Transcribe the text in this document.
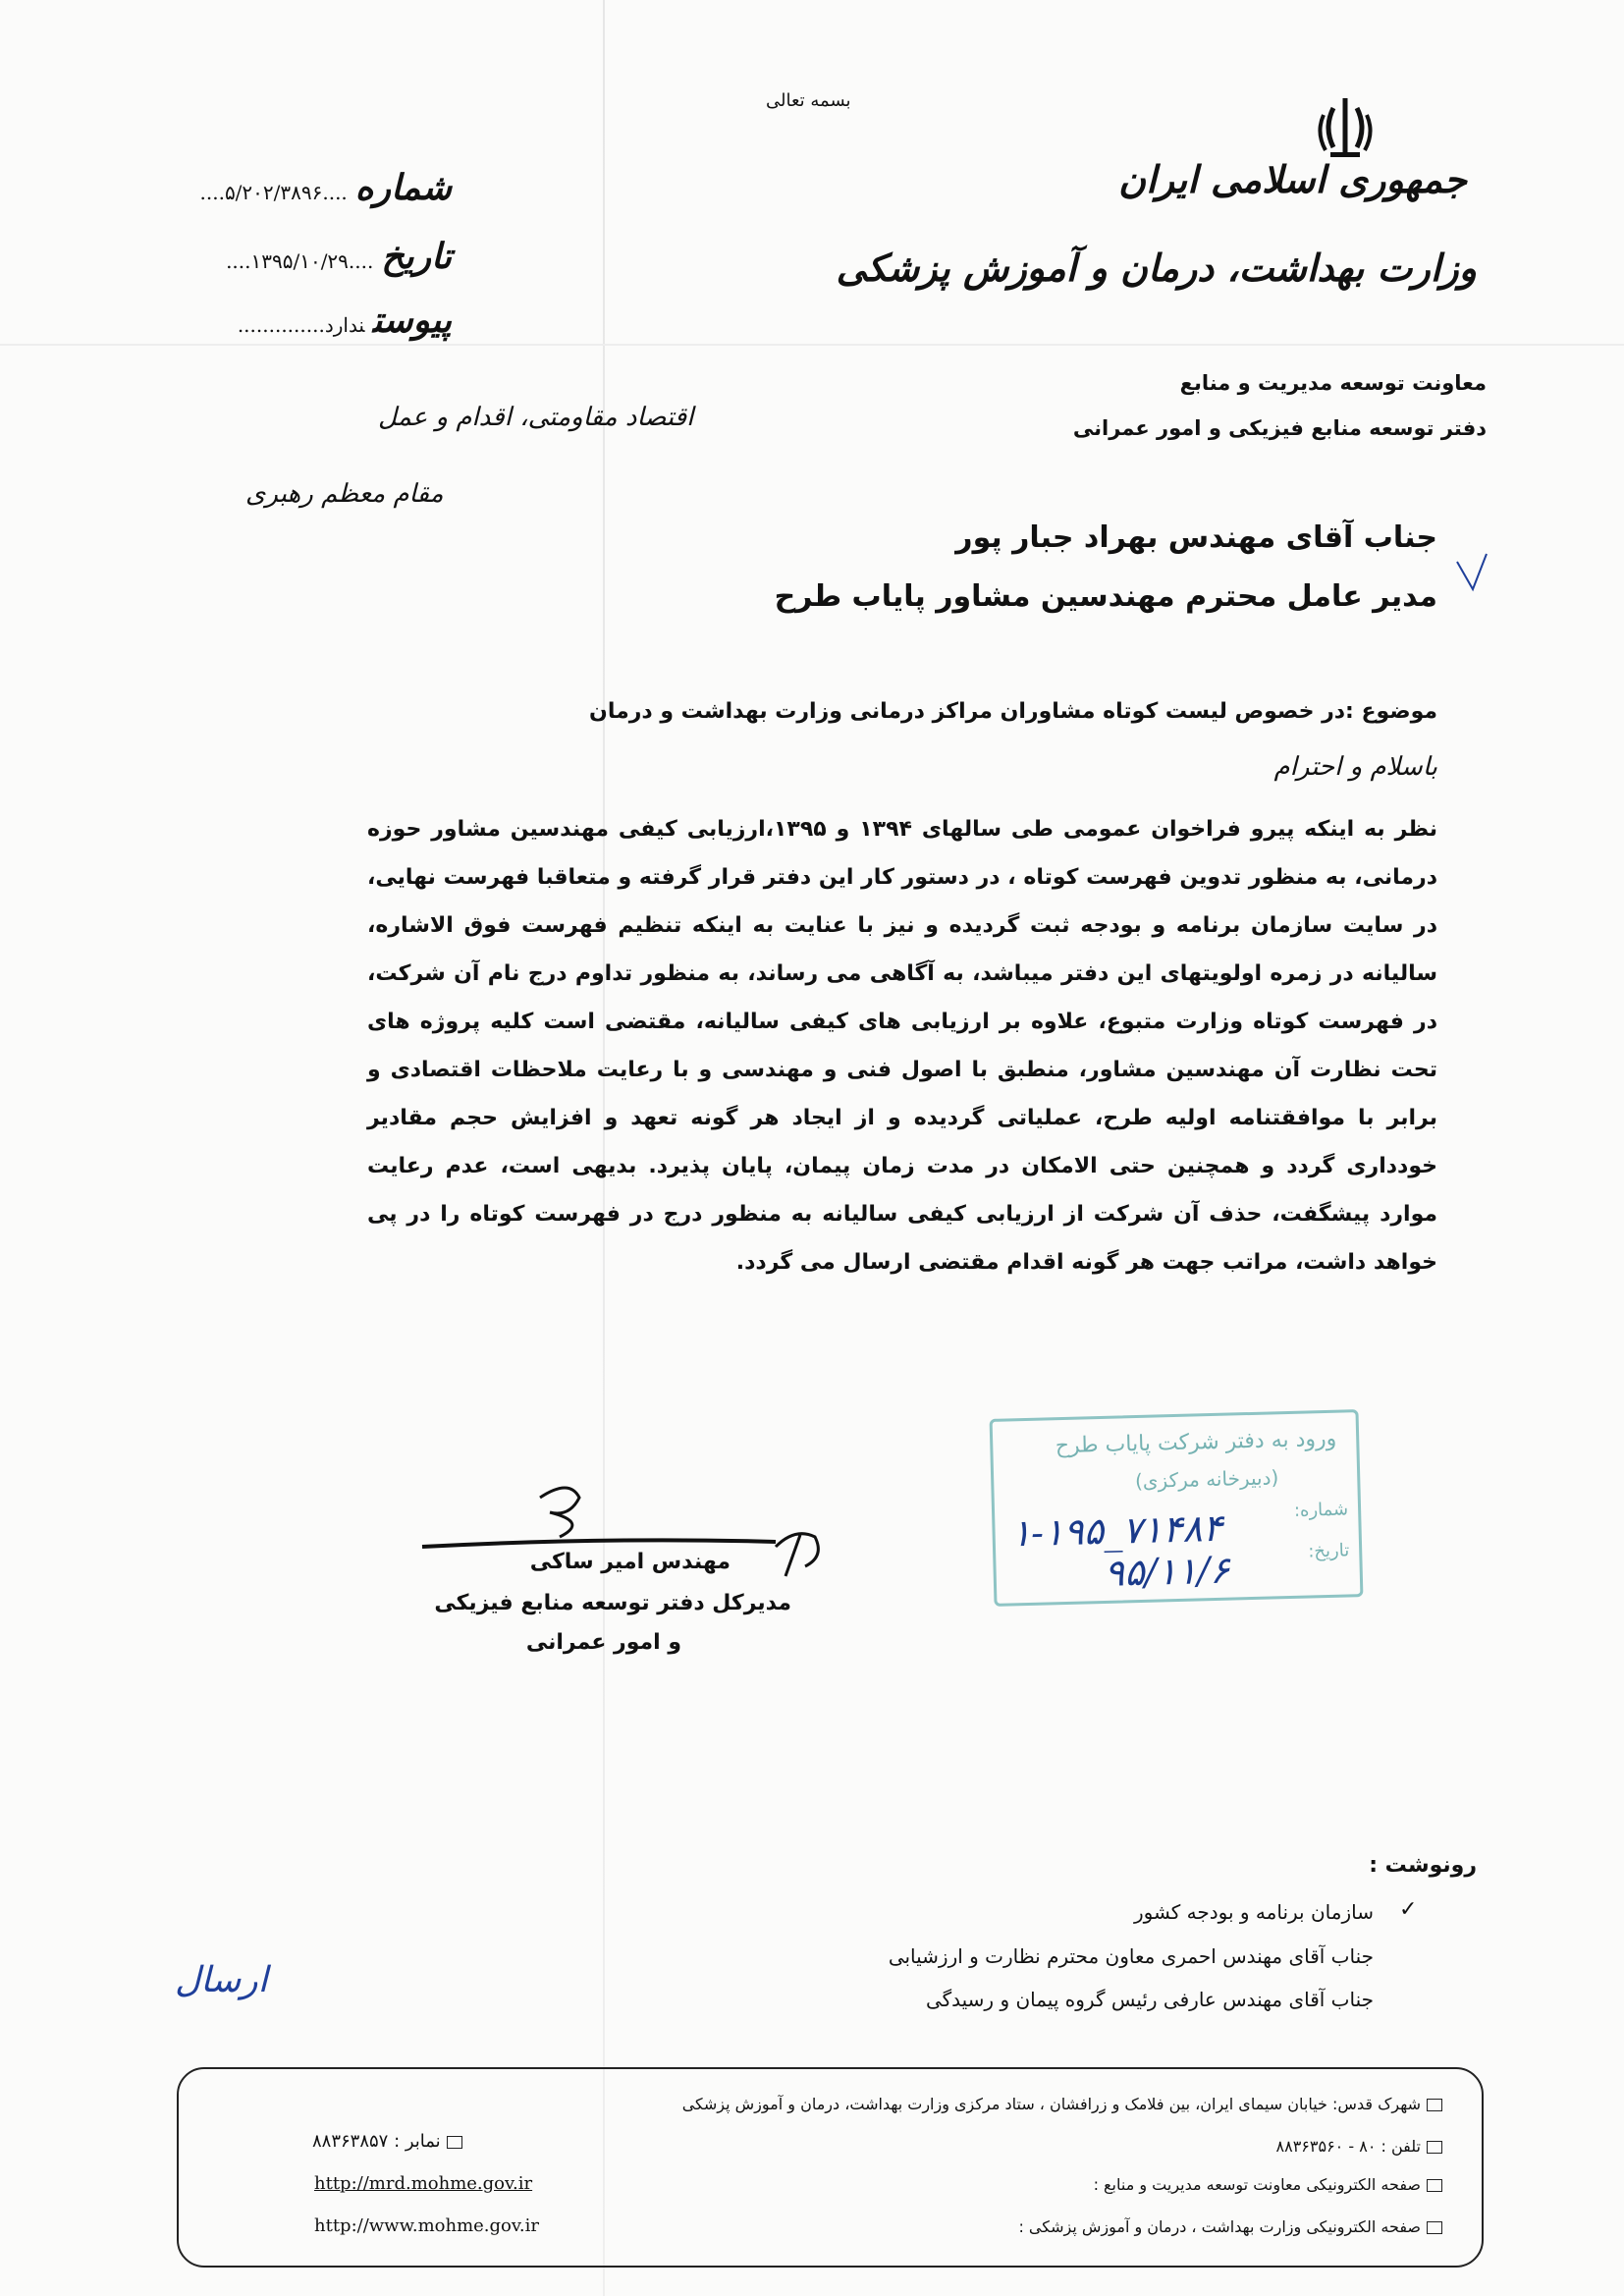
بسمه تعالی
جمهوری اسلامی ایران
وزارت بهداشت، درمان و آموزش پزشکی
معاونت توسعه مدیریت و منابع
دفتر توسعه منابع فیزیکی و امور عمرانی
شماره....۵/۲۰۲/۳۸۹۶....
تاریخ....۱۳۹۵/۱۰/۲۹....
پیوستندارد..............
اقتصاد مقاومتی، اقدام و عمل
مقام معظم رهبری
جناب آقای مهندس بهراد جبار پور
مدیر عامل محترم مهندسین مشاور پایاب طرح
موضوع :در خصوص لیست کوتاه مشاوران مراکز درمانی وزارت بهداشت و درمان
باسلام و احترام
نظر به اینکه پیرو فراخوان عمومی طی سالهای ۱۳۹۴ و ۱۳۹۵،ارزیابی کیفی مهندسین مشاور حوزه درمانی، به منظور تدوین فهرست کوتاه ، در دستور کار این دفتر قرار گرفته و متعاقبا فهرست نهایی، در سایت سازمان برنامه و بودجه ثبت گردیده و نیز با عنایت به اینکه تنظیم فهرست فوق الاشاره، سالیانه در زمره اولویتهای این دفتر میباشد، به آگاهی می رساند، به منظور تداوم درج نام آن شرکت، در فهرست کوتاه وزارت متبوع، علاوه بر ارزیابی های کیفی سالیانه، مقتضی است کلیه پروژه های تحت نظارت آن مهندسین مشاور، منطبق با اصول فنی و مهندسی و با رعایت ملاحظات اقتصادی و برابر با موافقتنامه اولیه طرح، عملیاتی گردیده و از ایجاد هر گونه تعهد و افزایش حجم مقادیر خودداری گردد و همچنین حتی الامکان در مدت زمان پیمان، پایان پذیرد. بدیهی است، عدم رعایت موارد پیشگفت، حذف آن شرکت از ارزیابی کیفی سالیانه به منظور درج در فهرست کوتاه را در پی خواهد داشت، مراتب جهت هر گونه اقدام مقتضی ارسال می گردد.
مهندس امیر ساکی
مدیرکل دفتر توسعه منابع فیزیکی
و امور عمرانی
ورود به دفتر شرکت پایاب طرح
(دبیرخانه مرکزی)
شماره:
تاریخ:
۱-۱۹۵_۷۱۴۸۴
۹۵/۱۱/۶
رونوشت :
✓
سازمان برنامه و بودجه کشور
جناب آقای مهندس احمری معاون محترم نظارت و ارزشیابی
جناب آقای مهندس عارفی رئیس گروه پیمان و رسیدگی
ارسال
شهرک قدس: خیابان سیمای ایران، بین فلامک و زرافشان ، ستاد مرکزی وزارت بهداشت، درمان و آموزش پزشکی
تلفن : ۸۰ - ۸۸۳۶۳۵۶۰
صفحه الکترونیکی معاونت توسعه مدیریت و منابع :
صفحه الکترونیکی وزارت بهداشت ، درمان و آموزش پزشکی :
نمابر : ۸۸۳۶۳۸۵۷
http://mrd.mohme.gov.ir
http://www.mohme.gov.ir
